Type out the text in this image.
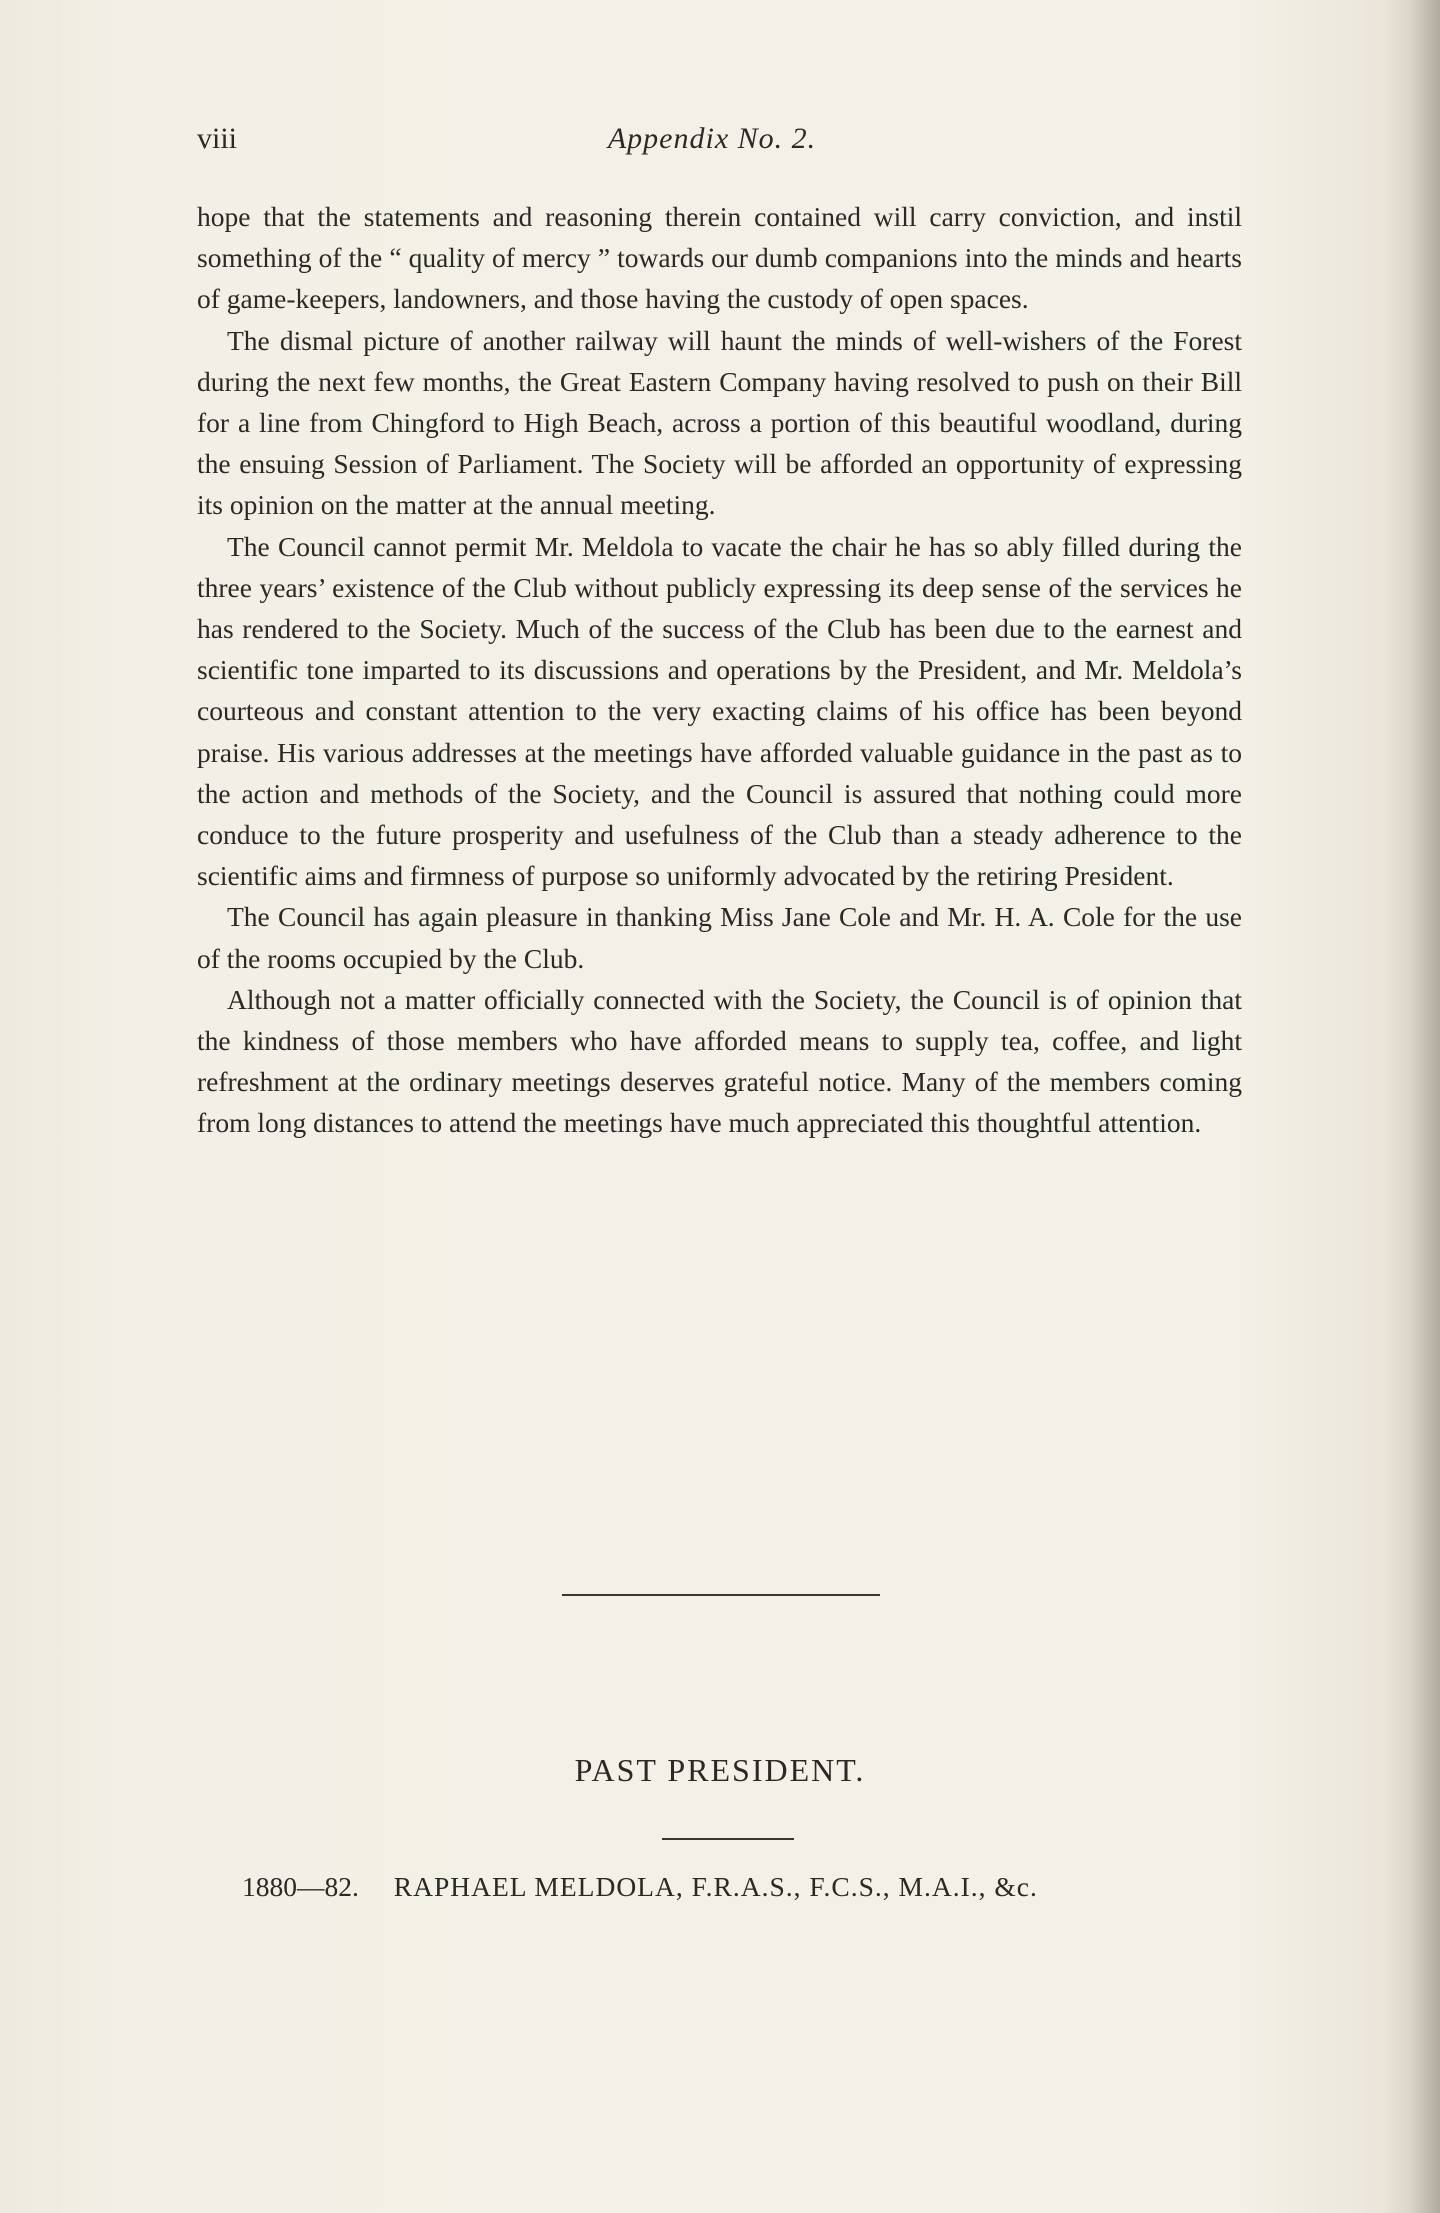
viii	Appendix No. 2.

hope that the statements and reasoning therein contained will carry conviction, and instil something of the “ quality of mercy ” towards our dumb companions into the minds and hearts of game-keepers, landowners, and those having the custody of open spaces.

The dismal picture of another railway will haunt the minds of well-wishers of the Forest during the next few months, the Great Eastern Company having resolved to push on their Bill for a line from Chingford to High Beach, across a portion of this beautiful woodland, during the ensuing Session of Parliament. The Society will be afforded an opportunity of expressing its opinion on the matter at the annual meeting.

The Council cannot permit Mr. Meldola to vacate the chair he has so ably filled during the three years’ existence of the Club without publicly expressing its deep sense of the services he has rendered to the Society. Much of the success of the Club has been due to the earnest and scientific tone imparted to its discussions and operations by the President, and Mr. Meldola’s courteous and constant attention to the very exacting claims of his office has been beyond praise. His various addresses at the meetings have afforded valuable guidance in the past as to the action and methods of the Society, and the Council is assured that nothing could more conduce to the future prosperity and usefulness of the Club than a steady adherence to the scientific aims and firmness of purpose so uniformly advocated by the retiring President.

The Council has again pleasure in thanking Miss Jane Cole and Mr. H. A. Cole for the use of the rooms occupied by the Club.

Although not a matter officially connected with the Society, the Council is of opinion that the kindness of those members who have afforded means to supply tea, coffee, and light refreshment at the ordinary meetings deserves grateful notice. Many of the members coming from long distances to attend the meetings have much appreciated this thoughtful attention.

PAST PRESIDENT.
1880—82. RAPHAEL MELDOLA, F.R.A.S., F.C.S., M.A.I., &c.
